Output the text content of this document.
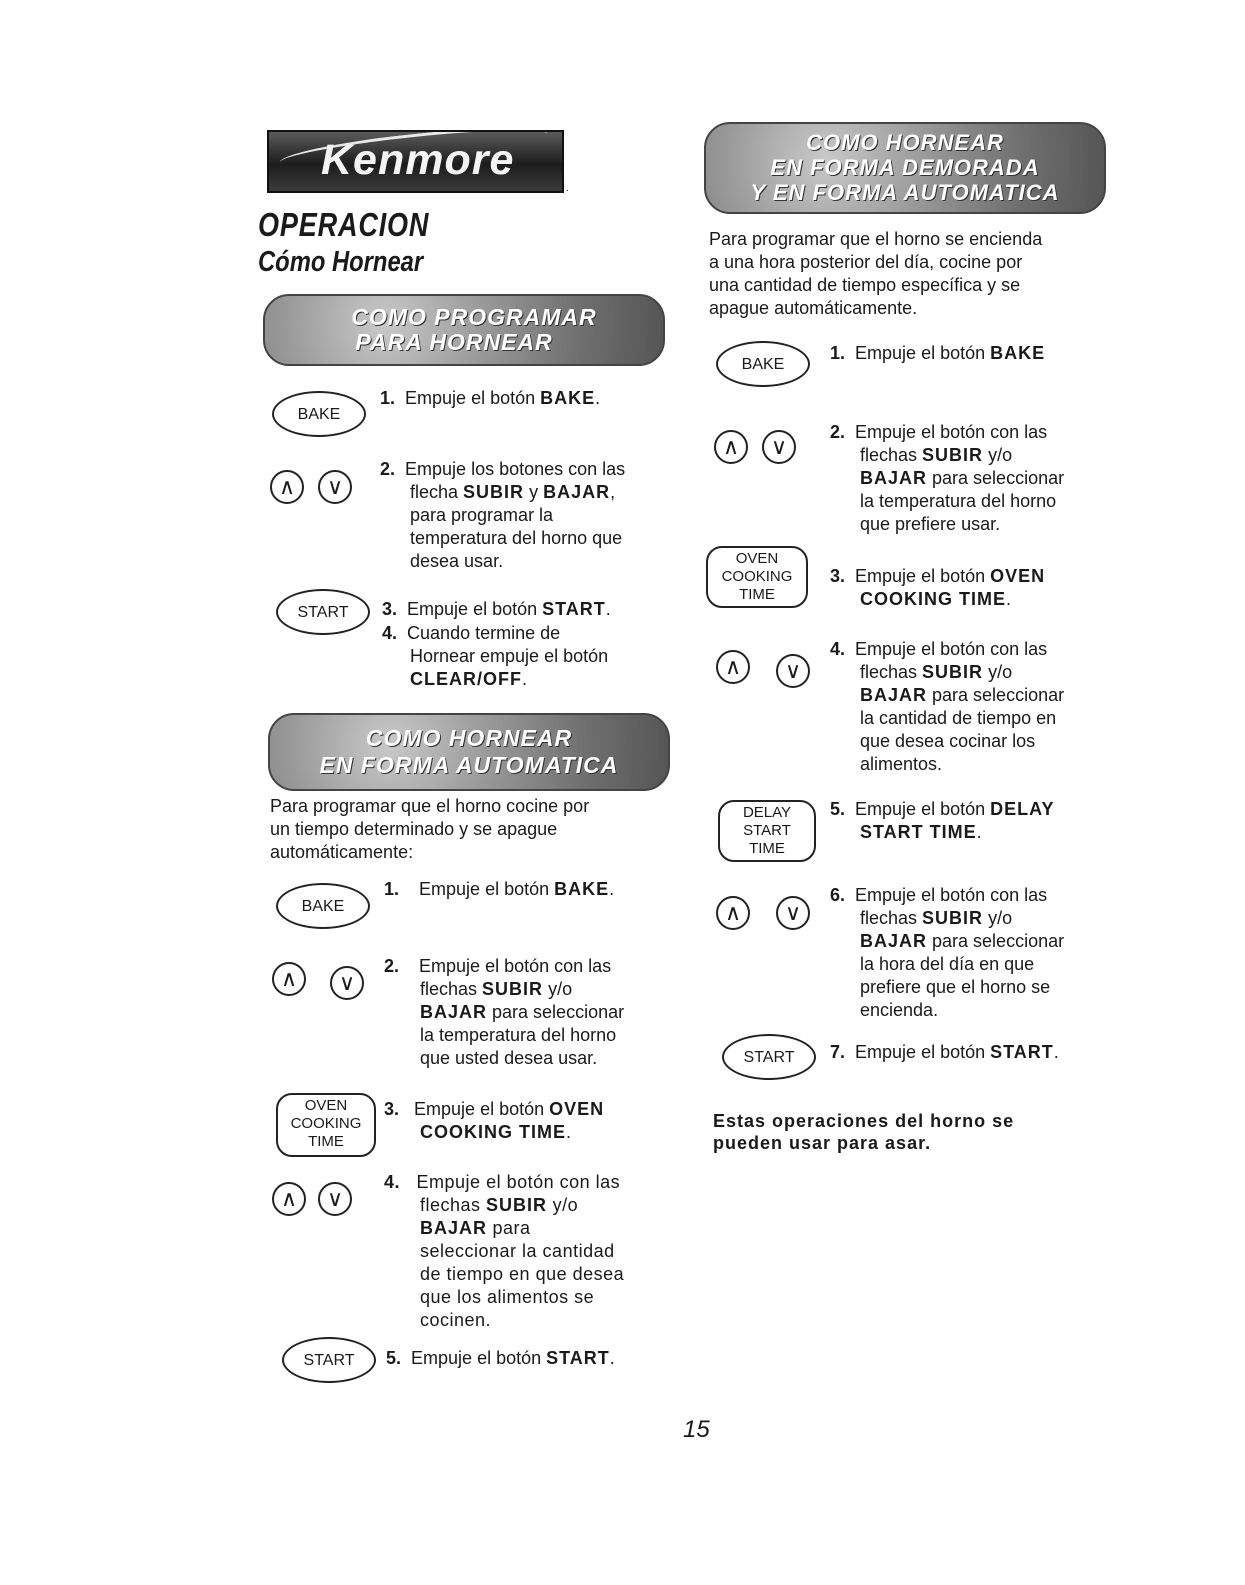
Kenmore
.
OPERACION
Cómo Hornear
COMO PROGRAMAR
PARA HORNEAR
BAKE
1. Empuje el botón BAKE.
∧	∨
2. Empuje los botones con las
flecha SUBIR y BAJAR,
para programar la
temperatura del horno que
desea usar.
START	3. Empuje el botón START.
4. Cuando termine de
Hornear empuje el botón
CLEAR/OFF.
COMO HORNEAR
EN FORMA AUTOMATICA
Para programar que el horno cocine por
un tiempo determinado y se apague
automáticamente:
BAKE
1. Empuje el botón BAKE.
∧	∨
2. Empuje el botón con las
flechas SUBIR y/o
BAJAR para seleccionar
la temperatura del horno
que usted desea usar.
OVEN
COOKING
TIME
3. Empuje el botón OVEN
COOKING TIME.
∧	∨
4. Empuje el botón con las
flechas SUBIR y/o
BAJAR para
seleccionar la cantidad
de tiempo en que desea
que los alimentos se
cocinen.
START	5. Empuje el botón START.
COMO HORNEAR
EN FORMA DEMORADA
Y EN FORMA AUTOMATICA
Para programar que el horno se encienda
a una hora posterior del día, cocine por
una cantidad de tiempo específica y se
apague automáticamente.
BAKE
1. Empuje el botón BAKE
∧	∨
2. Empuje el botón con las
flechas SUBIR y/o
BAJAR para seleccionar
la temperatura del horno
que prefiere usar.
OVEN
COOKING
TIME
3. Empuje el botón OVEN
COOKING TIME.
∧	∨
4. Empuje el botón con las
flechas SUBIR y/o
BAJAR para seleccionar
la cantidad de tiempo en
que desea cocinar los
alimentos.
DELAY
START
TIME
5. Empuje el botón DELAY
START TIME.
∧	∨
6. Empuje el botón con las
flechas SUBIR y/o
BAJAR para seleccionar
la hora del día en que
prefiere que el horno se
encienda.
START	7. Empuje el botón START.
Estas operaciones del horno se
pueden usar para asar.
15
